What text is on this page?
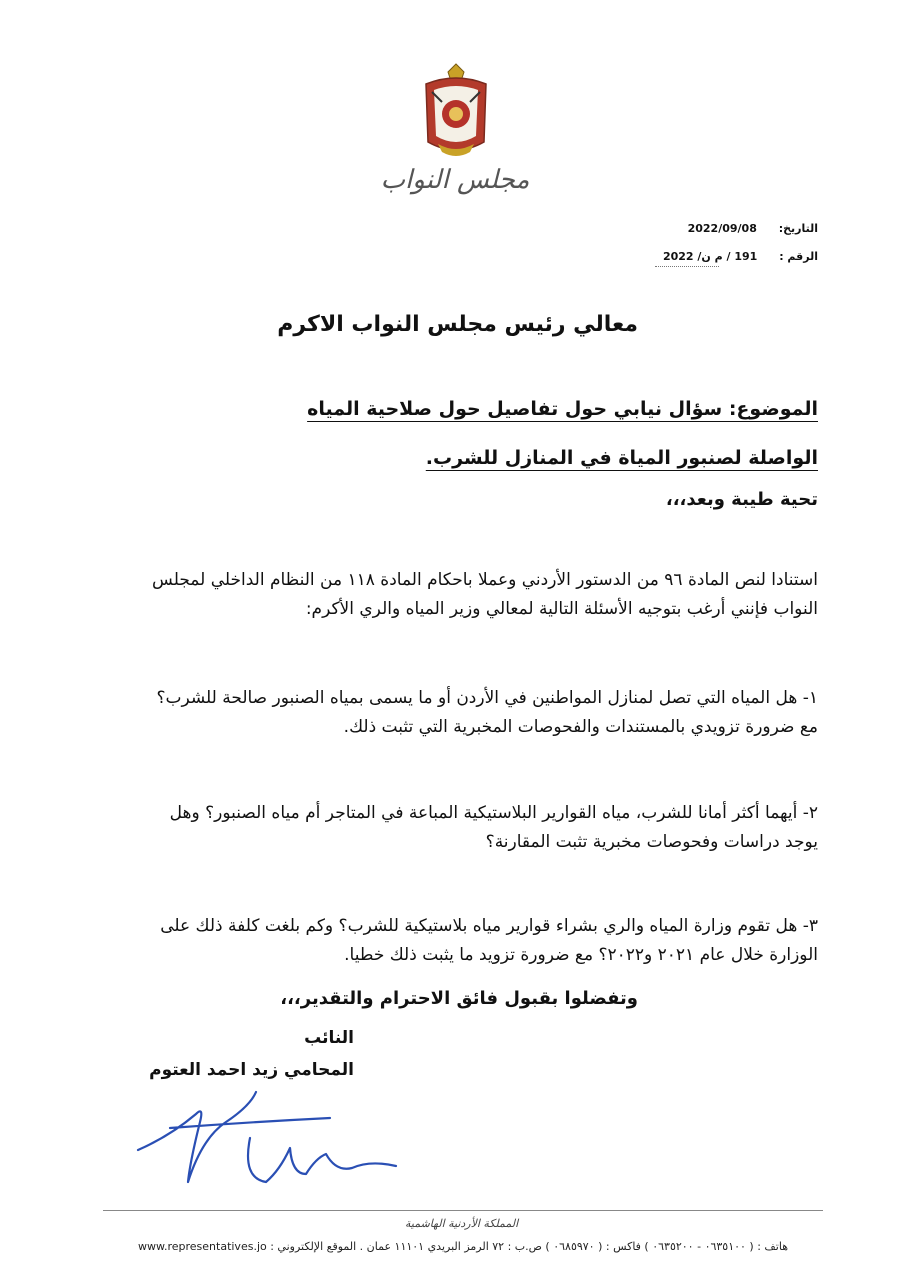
مجلس النواب
التاريخ: 2022/09/08
الرقم : 191 / م ن/ 2022
معالي رئيس مجلس النواب الاكرم
الموضوع: سؤال نيابي حول تفاصيل حول صلاحية المياه
الواصلة لصنبور المياة في المنازل للشرب.
تحية طيبة وبعد،،،
استنادا لنص المادة ٩٦ من الدستور الأردني وعملا باحكام المادة ١١٨ من النظام الداخلي لمجلس
النواب فإنني أرغب بتوجيه الأسئلة التالية لمعالي وزير المياه والري الأكرم:
١- هل المياه التي تصل لمنازل المواطنين في الأردن أو ما يسمى بمياه الصنبور صالحة للشرب؟
مع ضرورة تزويدي بالمستندات والفحوصات المخبرية التي تثبت ذلك.
٢- أيهما أكثر أمانا للشرب، مياه القوارير البلاستيكية المباعة في المتاجر أم مياه الصنبور؟ وهل
يوجد دراسات وفحوصات مخبرية تثبت المقارنة؟
٣- هل تقوم وزارة المياه والري بشراء قوارير مياه بلاستيكية للشرب؟ وكم بلغت كلفة ذلك على
الوزارة خلال عام ٢٠٢١ و٢٠٢٢؟ مع ضرورة تزويد ما يثبت ذلك خطيا.
وتفضلوا بقبول فائق الاحترام والتقدير،،،
النائب
المحامي زيد احمد العتوم
المملكة الأردنية الهاشمية
هاتف : ( ٠٦٣٥١٠٠ - ٠٦٣٥٢٠٠ ) فاكس : ( ٠٦٨٥٩٧٠ ) ص.ب : ٧٢ الرمز البريدي ١١١٠١ عمان . الموقع الإلكتروني : www.representatives.jo
